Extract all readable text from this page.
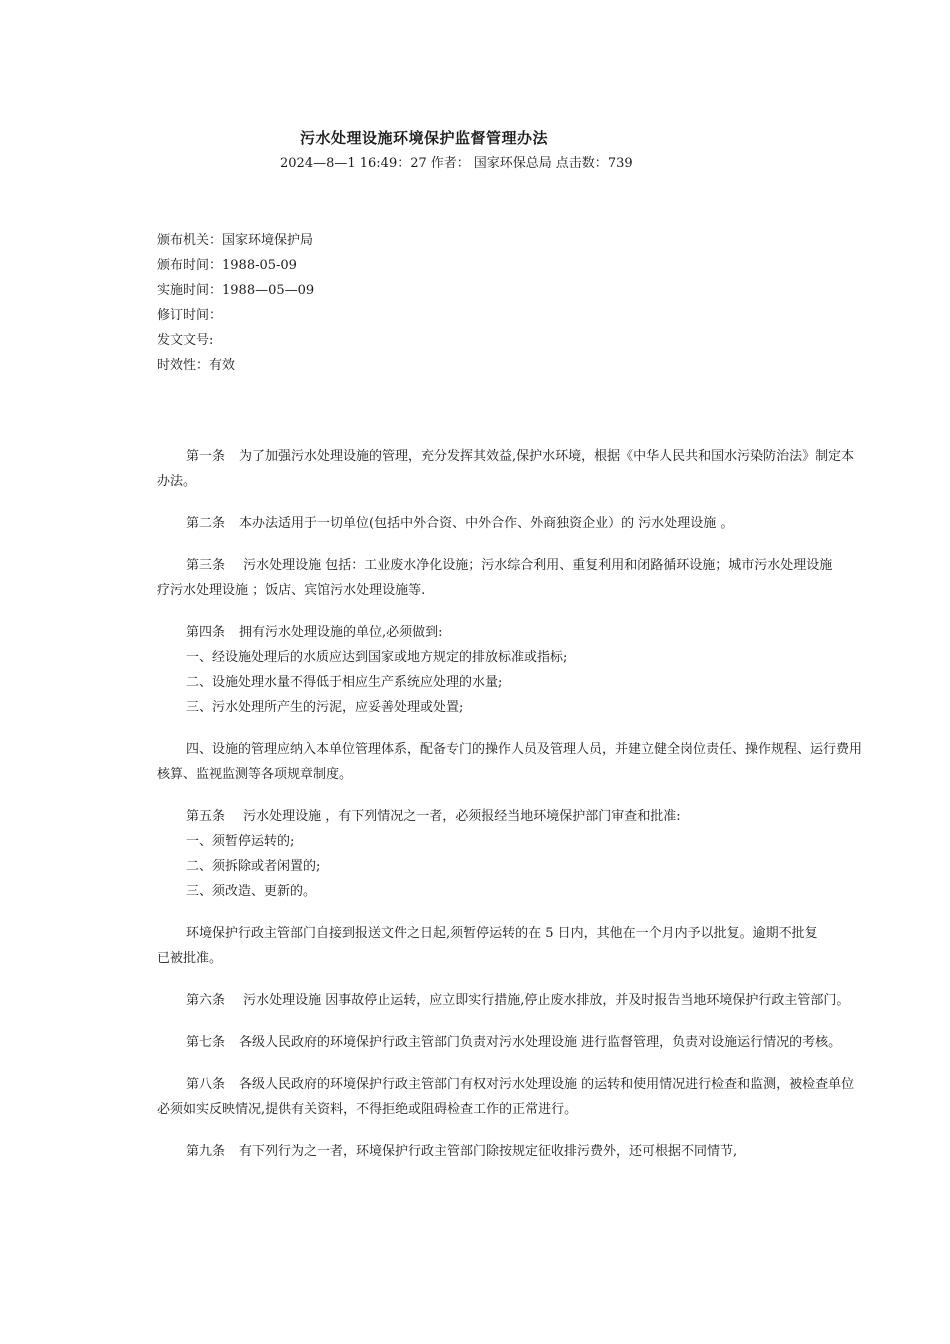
污水处理设施环境保护监督管理办法
2024—8—1 16:49：27 作者： 国家环保总局 点击数：739
颁布机关：国家环境保护局
颁布时间：1988-05-09
实施时间：1988—05—09
修订时间：
发文文号:
时效性：有效
第一条 为了加强污水处理设施的管理，充分发挥其效益,保护水环境，根据《中华人民共和国水污染防治法》制定本
办法。
第二条 本办法适用于一切单位(包括中外合资、中外合作、外商独资企业）的 污水处理设施 。
第三条 污水处理设施 包括：工业废水净化设施；污水综合利用、重复利用和闭路循环设施；城市污水处理设施
疗污水处理设施 ；饭店、宾馆污水处理设施等.
第四条 拥有污水处理设施的单位,必须做到:
一、经设施处理后的水质应达到国家或地方规定的排放标准或指标;
二、设施处理水量不得低于相应生产系统应处理的水量;
三、污水处理所产生的污泥，应妥善处理或处置;
四、设施的管理应纳入本单位管理体系，配备专门的操作人员及管理人员，并建立健全岗位责任、操作规程、运行费用
核算、监视监测等各项规章制度。
第五条 污水处理设施 ，有下列情况之一者，必须报经当地环境保护部门审查和批准:
一、须暂停运转的;
二、须拆除或者闲置的;
三、须改造、更新的。
环境保护行政主管部门自接到报送文件之日起,须暂停运转的在 5 日内，其他在一个月内予以批复。逾期不批复
已被批准。
第六条 污水处理设施 因事故停止运转，应立即实行措施,停止废水排放，并及时报告当地环境保护行政主管部门。
第七条 各级人民政府的环境保护行政主管部门负责对污水处理设施 进行监督管理，负责对设施运行情况的考核。
第八条 各级人民政府的环境保护行政主管部门有权对污水处理设施 的运转和使用情况进行检查和监测，被检查单位
必须如实反映情况,提供有关资料，不得拒绝或阻碍检查工作的正常进行。
第九条 有下列行为之一者，环境保护行政主管部门除按规定征收排污费外，还可根据不同情节,
